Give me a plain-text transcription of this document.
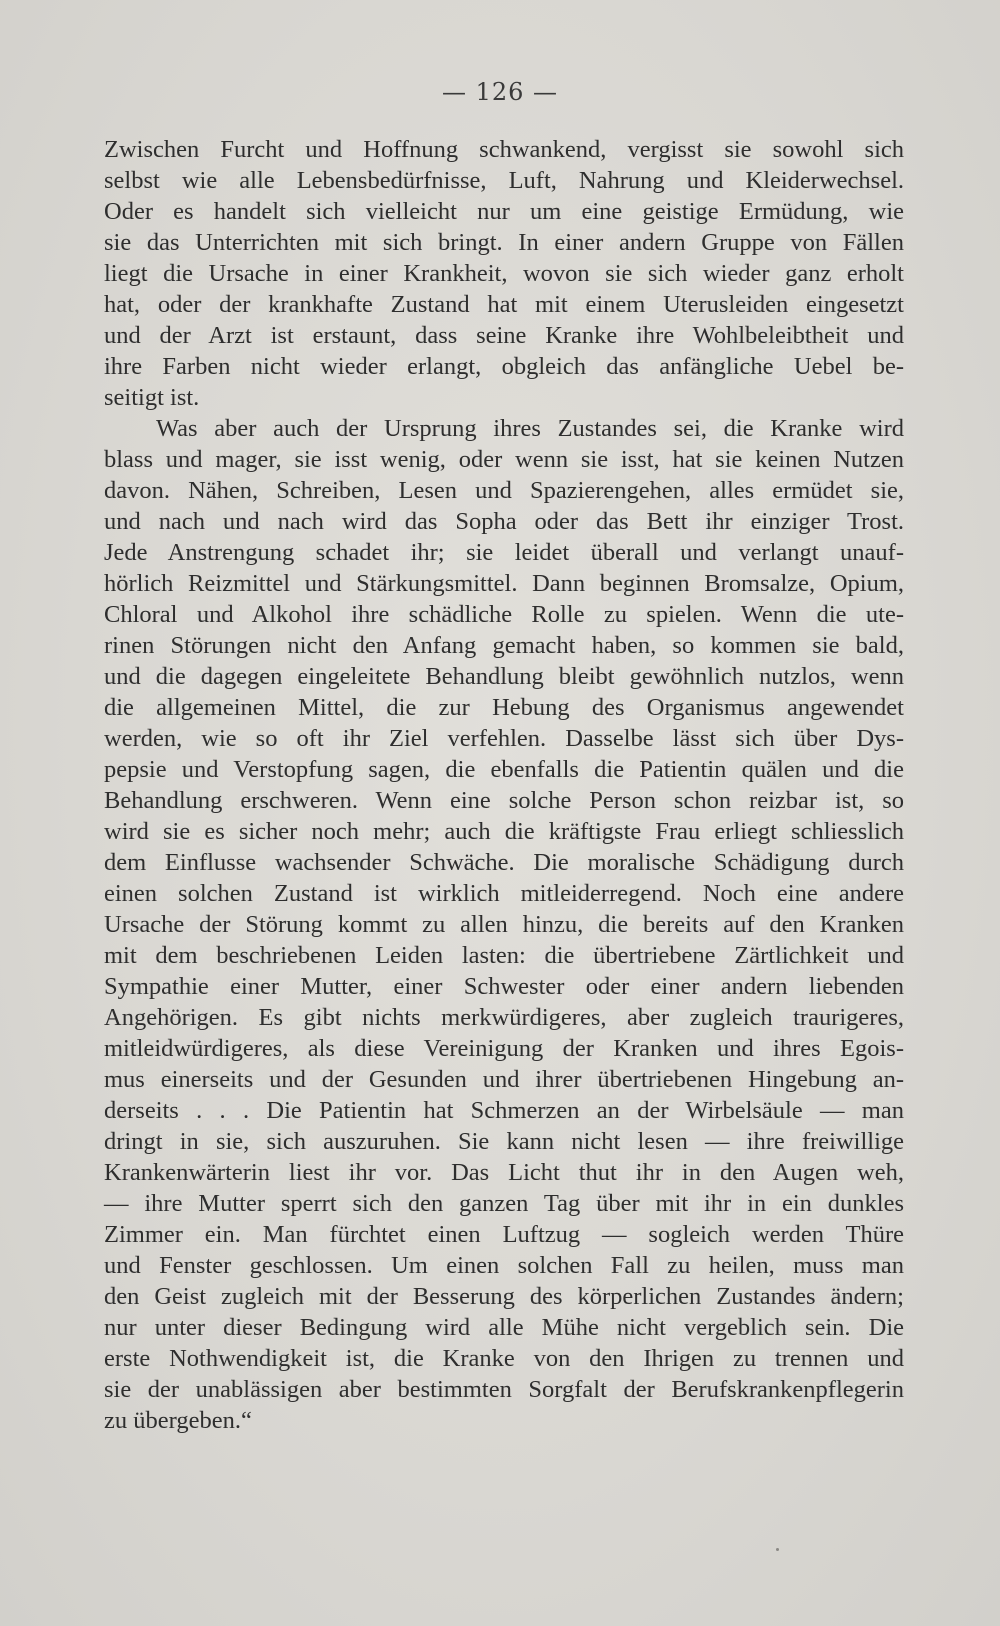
— 126 —
Zwischen Furcht und Hoffnung schwankend, vergisst sie sowohl sich
selbst wie alle Lebensbedürfnisse, Luft, Nahrung und Kleiderwechsel.
Oder es handelt sich vielleicht nur um eine geistige Ermüdung, wie
sie das Unterrichten mit sich bringt. In einer andern Gruppe von Fällen
liegt die Ursache in einer Krankheit, wovon sie sich wieder ganz erholt
hat, oder der krankhafte Zustand hat mit einem Uterusleiden eingesetzt
und der Arzt ist erstaunt, dass seine Kranke ihre Wohlbeleibtheit und
ihre Farben nicht wieder erlangt, obgleich das anfängliche Uebel be-
seitigt ist.
Was aber auch der Ursprung ihres Zustandes sei, die Kranke wird
blass und mager, sie isst wenig, oder wenn sie isst, hat sie keinen Nutzen
davon. Nähen, Schreiben, Lesen und Spazierengehen, alles ermüdet sie,
und nach und nach wird das Sopha oder das Bett ihr einziger Trost.
Jede Anstrengung schadet ihr; sie leidet überall und verlangt unauf-
hörlich Reizmittel und Stärkungsmittel. Dann beginnen Bromsalze, Opium,
Chloral und Alkohol ihre schädliche Rolle zu spielen. Wenn die ute-
rinen Störungen nicht den Anfang gemacht haben, so kommen sie bald,
und die dagegen eingeleitete Behandlung bleibt gewöhnlich nutzlos, wenn
die allgemeinen Mittel, die zur Hebung des Organismus angewendet
werden, wie so oft ihr Ziel verfehlen. Dasselbe lässt sich über Dys-
pepsie und Verstopfung sagen, die ebenfalls die Patientin quälen und die
Behandlung erschweren. Wenn eine solche Person schon reizbar ist, so
wird sie es sicher noch mehr; auch die kräftigste Frau erliegt schliesslich
dem Einflusse wachsender Schwäche. Die moralische Schädigung durch
einen solchen Zustand ist wirklich mitleiderregend. Noch eine andere
Ursache der Störung kommt zu allen hinzu, die bereits auf den Kranken
mit dem beschriebenen Leiden lasten: die übertriebene Zärtlichkeit und
Sympathie einer Mutter, einer Schwester oder einer andern liebenden
Angehörigen. Es gibt nichts merkwürdigeres, aber zugleich traurigeres,
mitleidwürdigeres, als diese Vereinigung der Kranken und ihres Egois-
mus einerseits und der Gesunden und ihrer übertriebenen Hingebung an-
derseits . . . Die Patientin hat Schmerzen an der Wirbelsäule — man
dringt in sie, sich auszuruhen. Sie kann nicht lesen — ihre freiwillige
Krankenwärterin liest ihr vor. Das Licht thut ihr in den Augen weh,
— ihre Mutter sperrt sich den ganzen Tag über mit ihr in ein dunkles
Zimmer ein. Man fürchtet einen Luftzug — sogleich werden Thüre
und Fenster geschlossen. Um einen solchen Fall zu heilen, muss man
den Geist zugleich mit der Besserung des körperlichen Zustandes ändern;
nur unter dieser Bedingung wird alle Mühe nicht vergeblich sein. Die
erste Nothwendigkeit ist, die Kranke von den Ihrigen zu trennen und
sie der unablässigen aber bestimmten Sorgfalt der Berufskrankenpflegerin
zu übergeben.“
